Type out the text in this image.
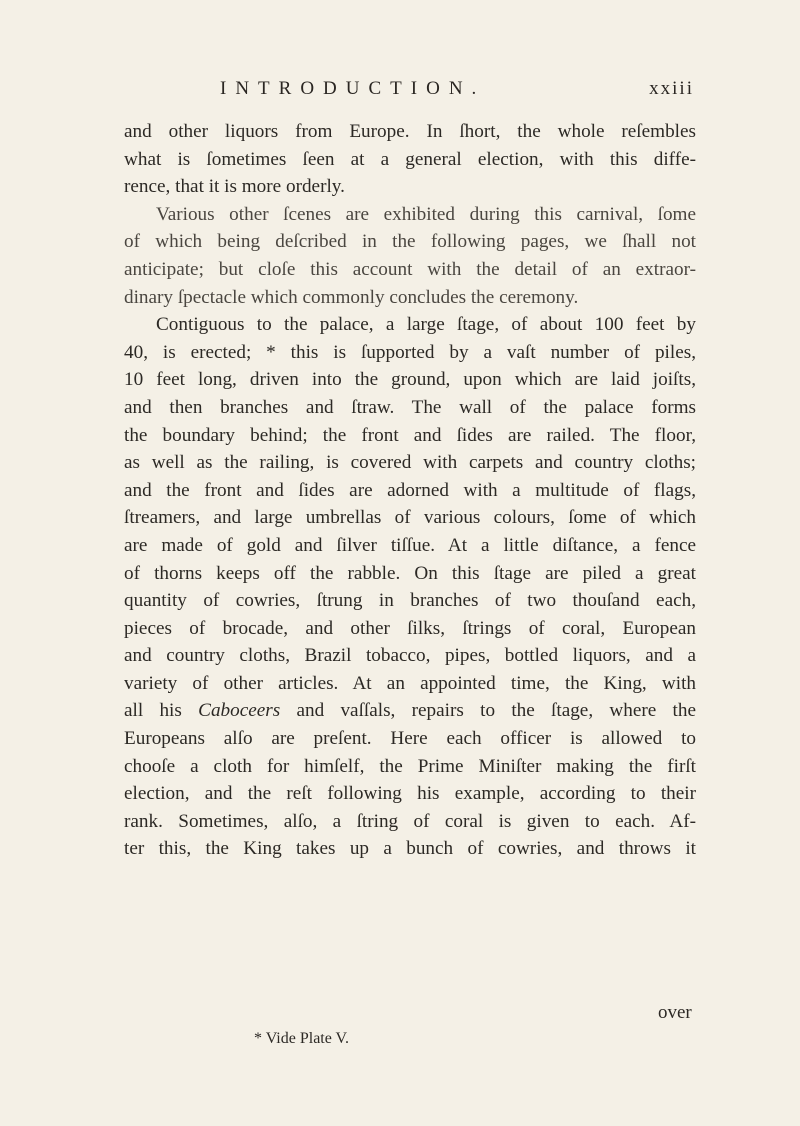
INTRODUCTION.	xxiii
and other liquors from Europe. In ſhort, the whole reſembles
what is ſometimes ſeen at a general election, with this diffe-
rence, that it is more orderly.
Various other ſcenes are exhibited during this carnival, ſome
of which being deſcribed in the following pages, we ſhall not
anticipate; but cloſe this account with the detail of an extraor-
dinary ſpectacle which commonly concludes the ceremony.
Contiguous to the palace, a large ſtage, of about 100 feet by
40, is erected; * this is ſupported by a vaſt number of piles,
10 feet long, driven into the ground, upon which are laid joiſts,
and then branches and ſtraw. The wall of the palace forms
the boundary behind; the front and ſides are railed. The floor,
as well as the railing, is covered with carpets and country cloths;
and the front and ſides are adorned with a multitude of flags,
ſtreamers, and large umbrellas of various colours, ſome of which
are made of gold and ſilver tiſſue. At a little diſtance, a fence
of thorns keeps off the rabble. On this ſtage are piled a great
quantity of cowries, ſtrung in branches of two thouſand each,
pieces of brocade, and other ſilks, ſtrings of coral, European
and country cloths, Brazil tobacco, pipes, bottled liquors, and a
variety of other articles. At an appointed time, the King, with
all his Caboceers and vaſſals, repairs to the ſtage, where the
Europeans alſo are preſent. Here each officer is allowed to
chooſe a cloth for himſelf, the Prime Miniſter making the firſt
election, and the reſt following his example, according to their
rank. Sometimes, alſo, a ſtring of coral is given to each. Af-
ter this, the King takes up a bunch of cowries, and throws it
over
* Vide Plate V.
